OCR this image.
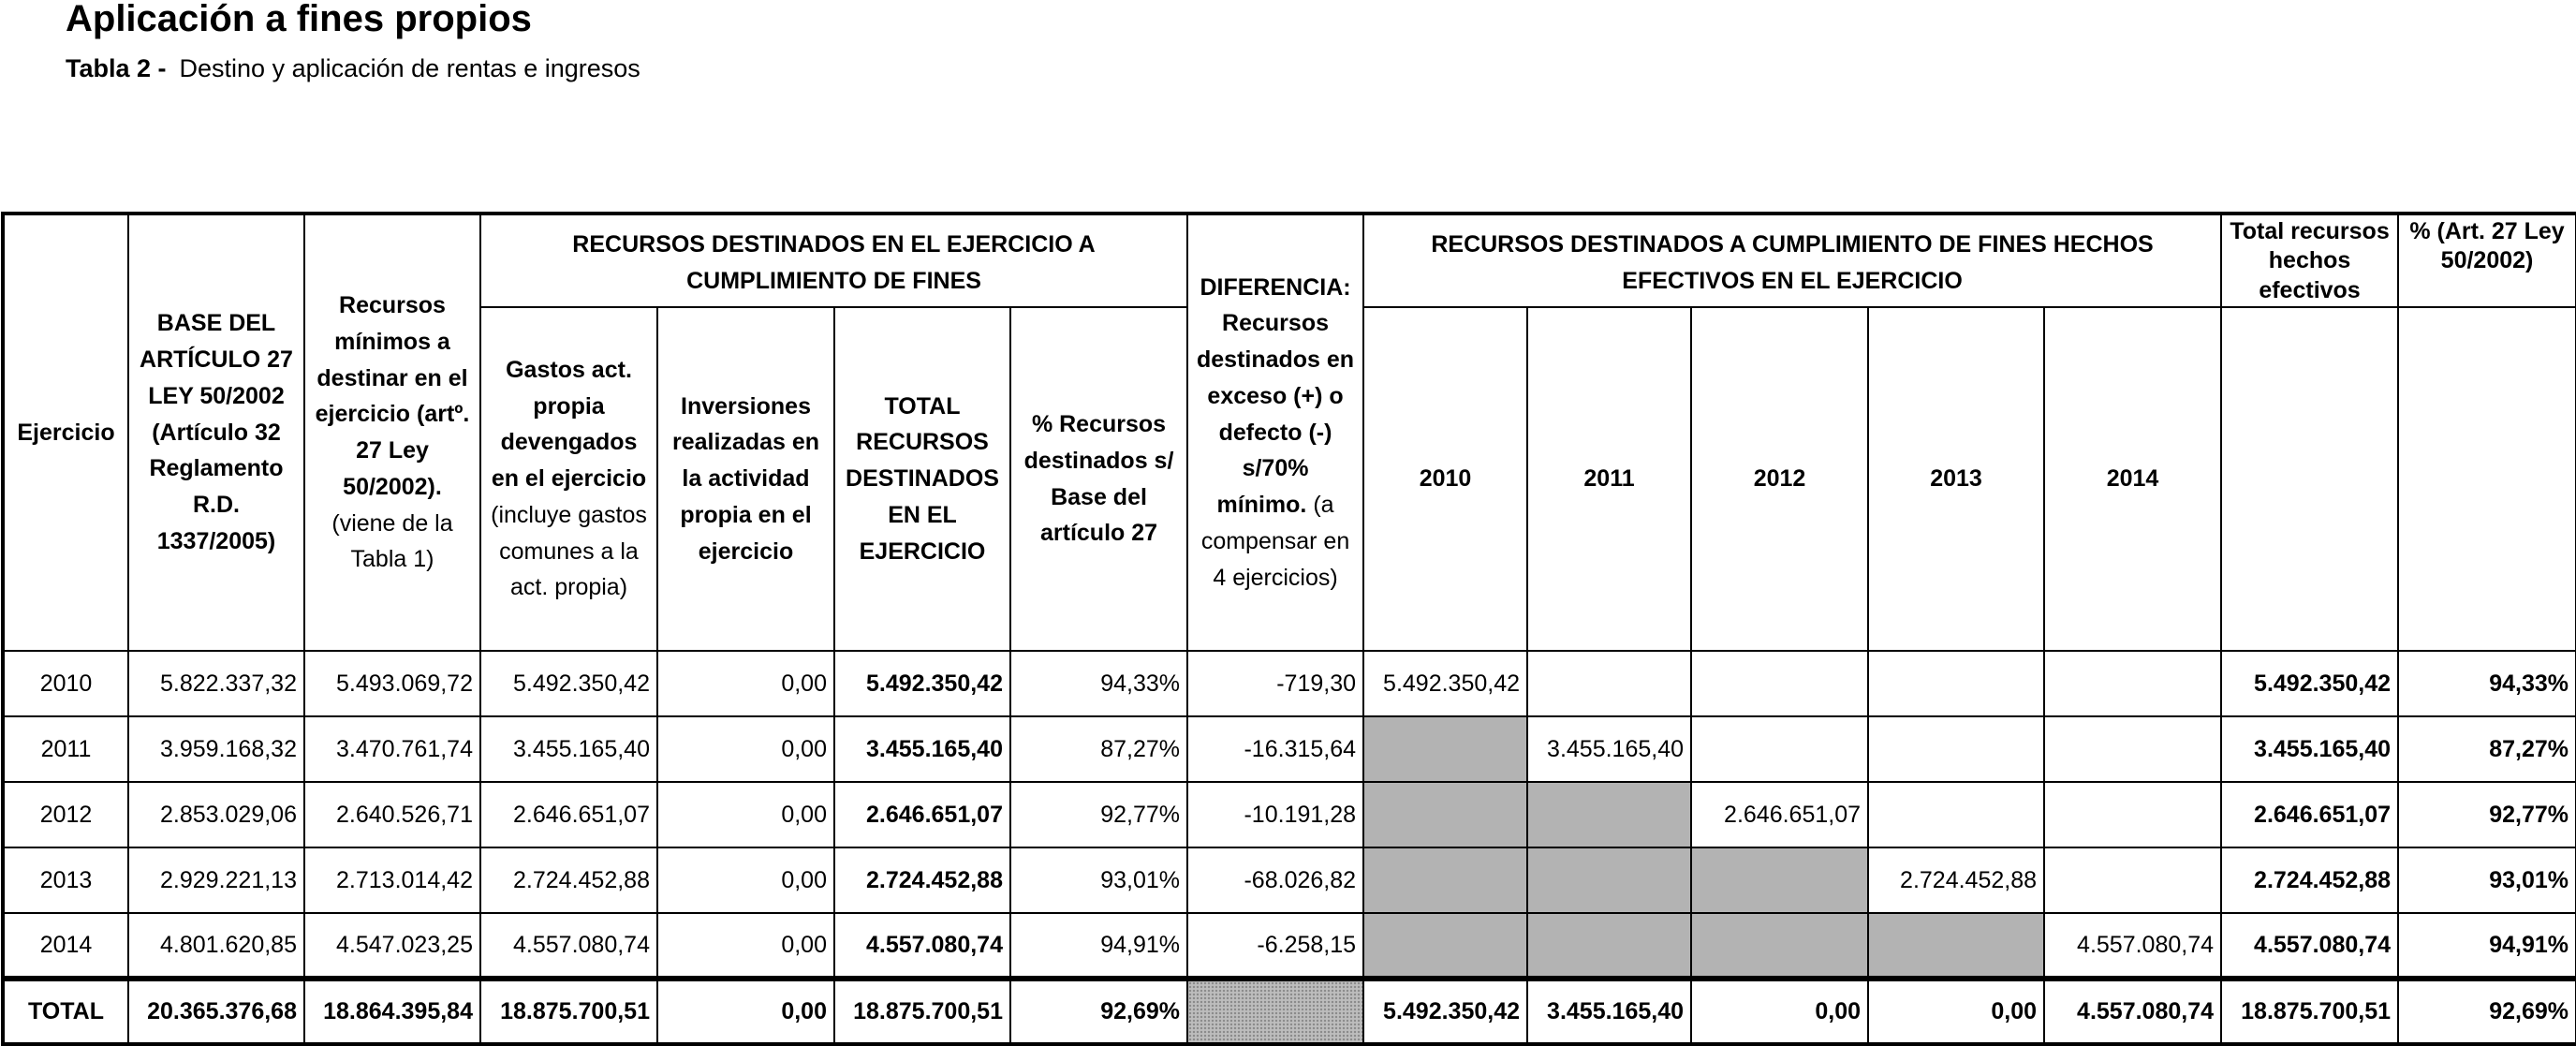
Aplicación a fines propios
Tabla 2 - Destino y aplicación de rentas e ingresos
Ejercicio	BASE DEL ARTÍCULO 27 LEY 50/2002 (Artículo 32 Reglamento R.D. 1337/2005)	Recursos mínimos a destinar en el ejercicio (artº. 27 Ley 50/2002). (viene de la Tabla 1)	RECURSOS DESTINADOS EN EL EJERCICIO A CUMPLIMIENTO DE FINES				DIFERENCIA: Recursos destinados en exceso (+) o defecto (-) s/70% mínimo. (a compensar en 4 ejercicios)	RECURSOS DESTINADOS A CUMPLIMIENTO DE FINES HECHOS EFECTIVOS EN EL EJERCICIO					Total recursos hechos efectivos	% (Art. 27 Ley 50/2002)
			Gastos act. propia devengados en el ejercicio (incluye gastos comunes a la act. propia)	Inversiones realizadas en la actividad propia en el ejercicio	TOTAL RECURSOS DESTINADOS EN EL EJERCICIO	% Recursos destinados s/ Base del artículo 27		2010	2011	2012	2013	2014		
2010	5.822.337,32	5.493.069,72	5.492.350,42	0,00	5.492.350,42	94,33%	-719,30	5.492.350,42					5.492.350,42	94,33%
2011	3.959.168,32	3.470.761,74	3.455.165,40	0,00	3.455.165,40	87,27%	-16.315,64		3.455.165,40				3.455.165,40	87,27%
2012	2.853.029,06	2.640.526,71	2.646.651,07	0,00	2.646.651,07	92,77%	-10.191,28			2.646.651,07			2.646.651,07	92,77%
2013	2.929.221,13	2.713.014,42	2.724.452,88	0,00	2.724.452,88	93,01%	-68.026,82				2.724.452,88		2.724.452,88	93,01%
2014	4.801.620,85	4.547.023,25	4.557.080,74	0,00	4.557.080,74	94,91%	-6.258,15					4.557.080,74	4.557.080,74	94,91%
TOTAL	20.365.376,68	18.864.395,84	18.875.700,51	0,00	18.875.700,51	92,69%		5.492.350,42	3.455.165,40	0,00	0,00	4.557.080,74	18.875.700,51	92,69%
